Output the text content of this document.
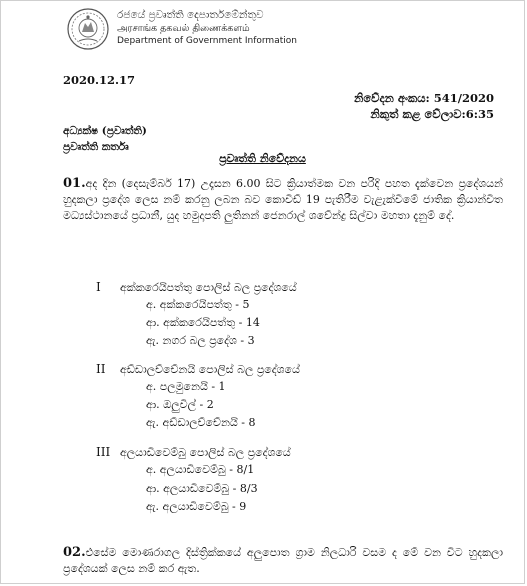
රජයේ ප්‍රවෘත්ති දෙපාර්තමේන්තුව
அரசாங்க தகவல் திணைக்களம்
Department of Government Information
2020.12.17
නිවේදන අංකය: 541/2020
නිකුත් කළ වේලාව:6:35
අධ්‍යක්ෂ (ප්‍රවෘත්ති)
ප්‍රවෘත්ති කර්තෘ
ප්‍රවෘත්ති නිවේදනය
01.අද දින (දෙසැම්බර් 17) උදෑසන 6.00 සිට ක්‍රියාත්මක වන පරිදි පහත දැක්වෙන ප්‍රදේශයන් හුදකලා ප්‍රදේශ ලෙස නම් කරනු ලබන බව කොවිඩ් 19 පැතිරීම වැළැක්වීමේ ජාතික ක්‍රියාන්විත මධ්‍යස්ථානයේ ප්‍රධානී, යුද හමුදාපති ලුතිනන් ජෙනරාල් ශවේන්ද්‍ර සිල්වා මහතා දැනුම් දේ.
I අක්කරෙයිපත්තු පොලිස් බල ප්‍රදේශයේ
අ. අක්කරෙයිපත්තු - 5
ආ. අක්කරෙයිපත්තු - 14
ඇ. නගර බල ප්‍රදේශ - 3
II අඩ්ඩාලච්චේනයි පොලිස් බල ප්‍රදේශයේ
අ. පලමුනෙයි - 1
ආ. ඔලුවිල් - 2
ඇ. අඩ්ඩාලච්චේනයි - 8
III අලයාඩිවෙම්බු පොලිස් බල ප්‍රදේශයේ
අ. අලයාඩිවෙම්බු - 8/1
ආ. අලයාඩිවෙම්බු - 8/3
ඇ. අලයාඩිවෙම්බු - 9
02.එසේම මොණරාගල දිස්ත්‍රික්කයේ අලුපොත ග්‍රාම නිලධාරි වසම ද මේ වන විට හුදකලා ප්‍රදේශයක් ලෙස නම් කර ඇත.
